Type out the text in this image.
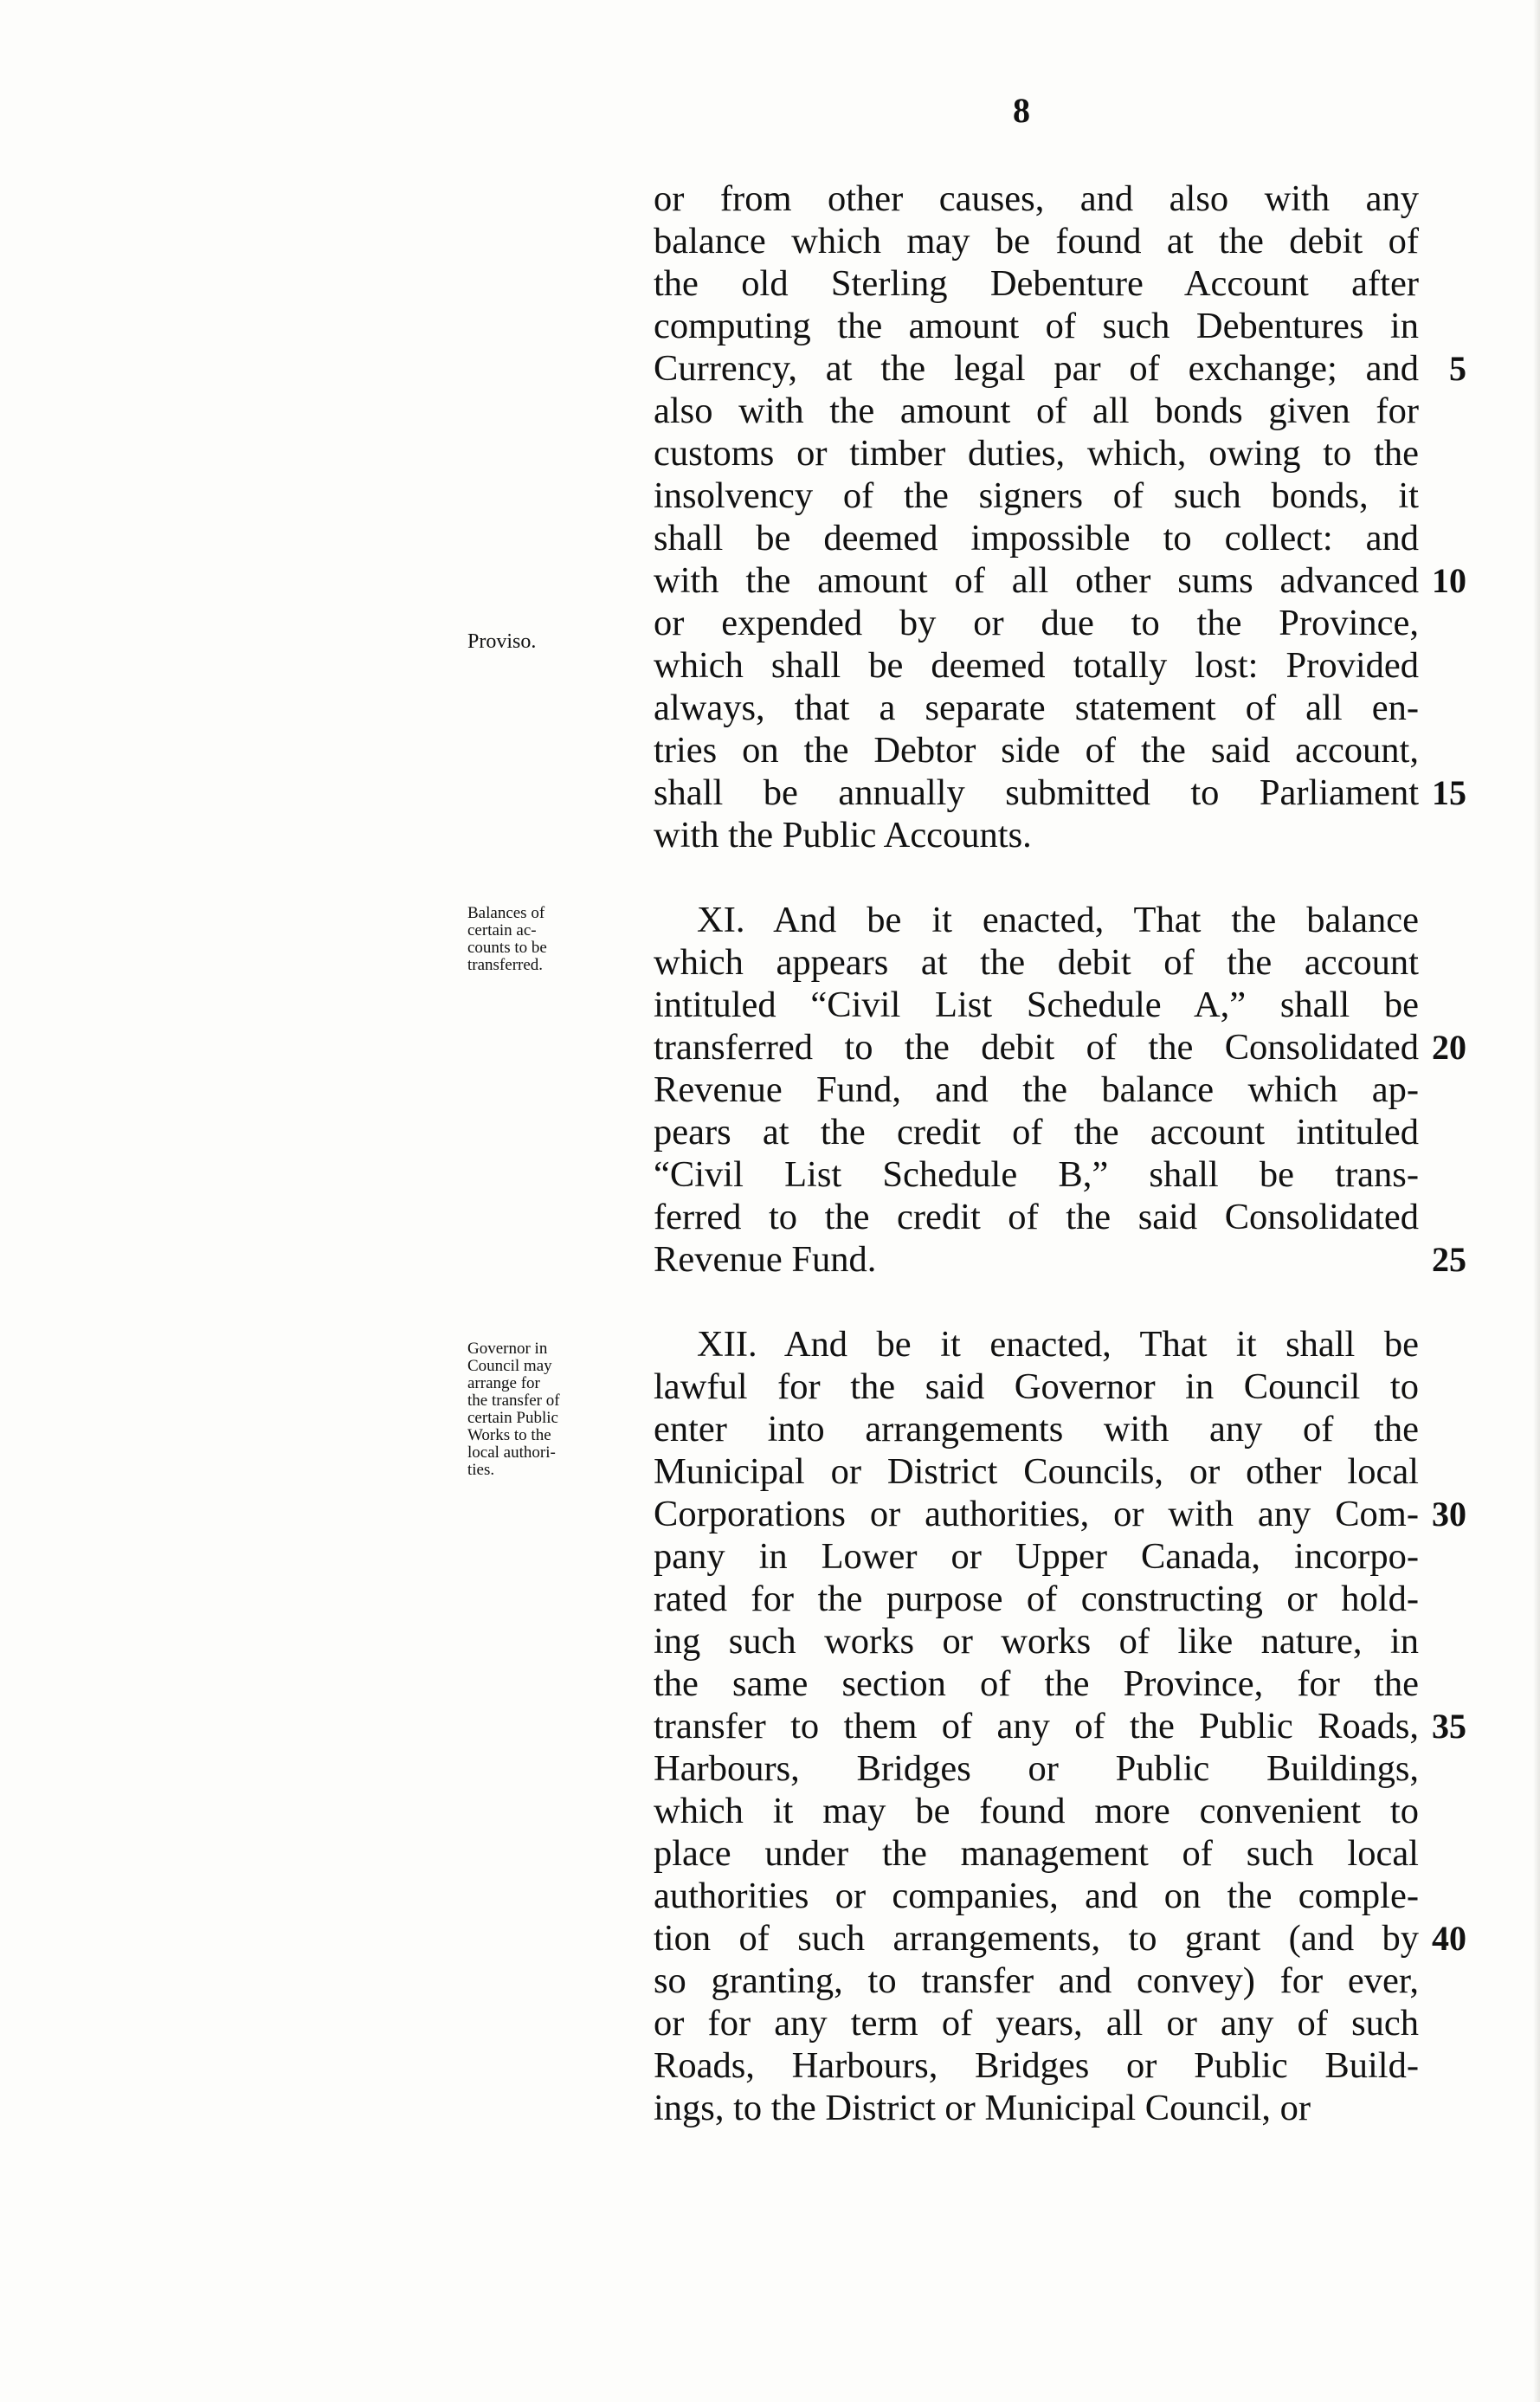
8
or from other causes, and also with any
balance which may be found at the debit of
the old Sterling Debenture Account after
computing the amount of such Debentures in
Currency, at the legal par of exchange; and
also with the amount of all bonds given for
customs or timber duties, which, owing to the
insolvency of the signers of such bonds, it
shall be deemed impossible to collect: and
with the amount of all other sums advanced
or expended by or due to the Province,
which shall be deemed totally lost: Provided
always, that a separate statement of all en-
tries on the Debtor side of the said account,
shall be annually submitted to Parliament
with the Public Accounts.
XI. And be it enacted, That the balance
which appears at the debit of the account
intituled “Civil List Schedule A,” shall be
transferred to the debit of the Consolidated
Revenue Fund, and the balance which ap-
pears at the credit of the account intituled
“Civil List Schedule B,” shall be trans-
ferred to the credit of the said Consolidated
Revenue Fund.
XII. And be it enacted, That it shall be
lawful for the said Governor in Council to
enter into arrangements with any of the
Municipal or District Councils, or other local
Corporations or authorities, or with any Com-
pany in Lower or Upper Canada, incorpo-
rated for the purpose of constructing or hold-
ing such works or works of like nature, in
the same section of the Province, for the
transfer to them of any of the Public Roads,
Harbours, Bridges or Public Buildings,
which it may be found more convenient to
place under the management of such local
authorities or companies, and on the comple-
tion of such arrangements, to grant (and by
so granting, to transfer and convey) for ever,
or for any term of years, all or any of such
Roads, Harbours, Bridges or Public Build-
ings, to the District or Municipal Council, or
Proviso.
Balances of
certain ac-
counts to be
transferred.
Governor in
Council may
arrange for
the transfer of
certain Public
Works to the
local authori-
ties.
5
10
15
20
25
30
35
40
